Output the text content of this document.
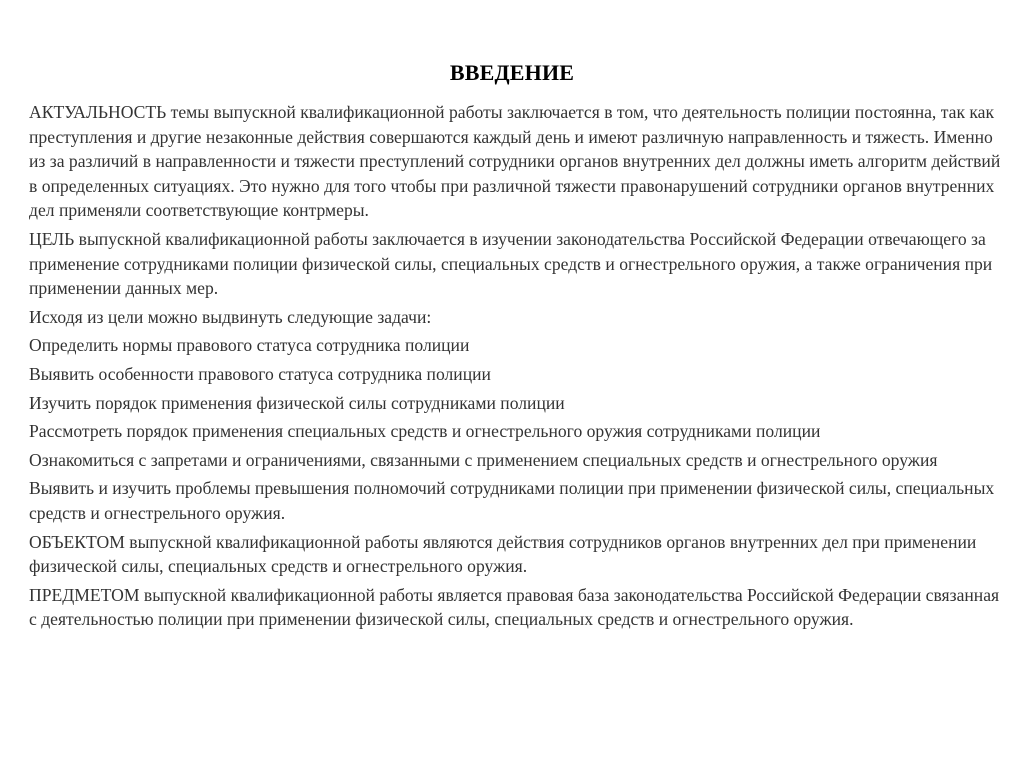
ВВЕДЕНИЕ

АКТУАЛЬНОСТЬ темы выпускной квалификационной работы заключается в том, что деятельность полиции постоянна, так как преступления и другие незаконные действия совершаются каждый день и имеют различную направленность и тяжесть. Именно из за различий в направленности и тяжести преступлений сотрудники органов внутренних дел должны иметь алгоритм действий в определенных ситуациях. Это нужно для того чтобы при различной тяжести правонарушений сотрудники органов внутренних дел применяли соответствующие контрмеры.

ЦЕЛЬ выпускной квалификационной работы заключается в изучении законодательства Российской Федерации отвечающего за применение сотрудниками полиции физической силы, специальных средств и огнестрельного оружия, а также ограничения при применении данных мер.

Исходя из цели можно выдвинуть следующие задачи:

Определить нормы правового статуса сотрудника полиции

Выявить особенности правового статуса сотрудника полиции

Изучить порядок применения физической силы сотрудниками полиции

Рассмотреть порядок применения специальных средств и огнестрельного оружия сотрудниками полиции

Ознакомиться с запретами и ограничениями, связанными с применением специальных средств и огнестрельного оружия

Выявить и изучить проблемы превышения полномочий сотрудниками полиции при применении физической силы, специальных средств и огнестрельного оружия.

ОБЪЕКТОМ выпускной квалификационной работы являются действия сотрудников органов внутренних дел при применении физической силы, специальных средств и огнестрельного оружия.

ПРЕДМЕТОМ выпускной квалификационной работы является правовая база законодательства Российской Федерации связанная с деятельностью полиции при применении физической силы, специальных средств и огнестрельного оружия.
